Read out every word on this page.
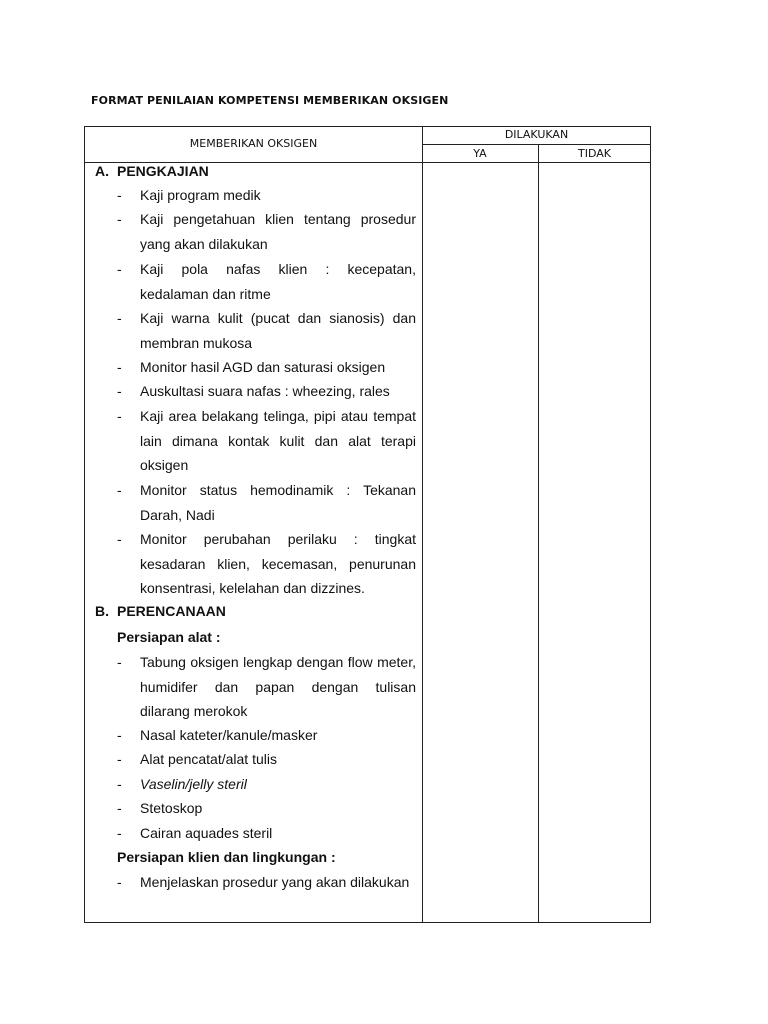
FORMAT PENILAIAN KOMPETENSI MEMBERIKAN OKSIGEN
MEMBERIKAN OKSIGEN
DILAKUKAN
YA	TIDAK
A. PENGKAJIAN
- Kaji program medik
- Kaji pengetahuan klien tentang prosedur yang akan dilakukan
- Kaji pola nafas klien : kecepatan, kedalaman dan ritme
- Kaji warna kulit (pucat dan sianosis) dan membran mukosa
- Monitor hasil AGD dan saturasi oksigen
- Auskultasi suara nafas : wheezing, rales
- Kaji area belakang telinga, pipi atau tempat lain dimana kontak kulit dan alat terapi oksigen
- Monitor status hemodinamik : Tekanan Darah, Nadi
- Monitor perubahan perilaku : tingkat kesadaran klien, kecemasan, penurunan konsentrasi, kelelahan dan dizzines.
B. PERENCANAAN
Persiapan alat :
- Tabung oksigen lengkap dengan flow meter, humidifer dan papan dengan tulisan dilarang merokok
- Nasal kateter/kanule/masker
- Alat pencatat/alat tulis
- Vaselin/jelly steril
- Stetoskop
- Cairan aquades steril
Persiapan klien dan lingkungan :
- Menjelaskan prosedur yang akan dilakukan
